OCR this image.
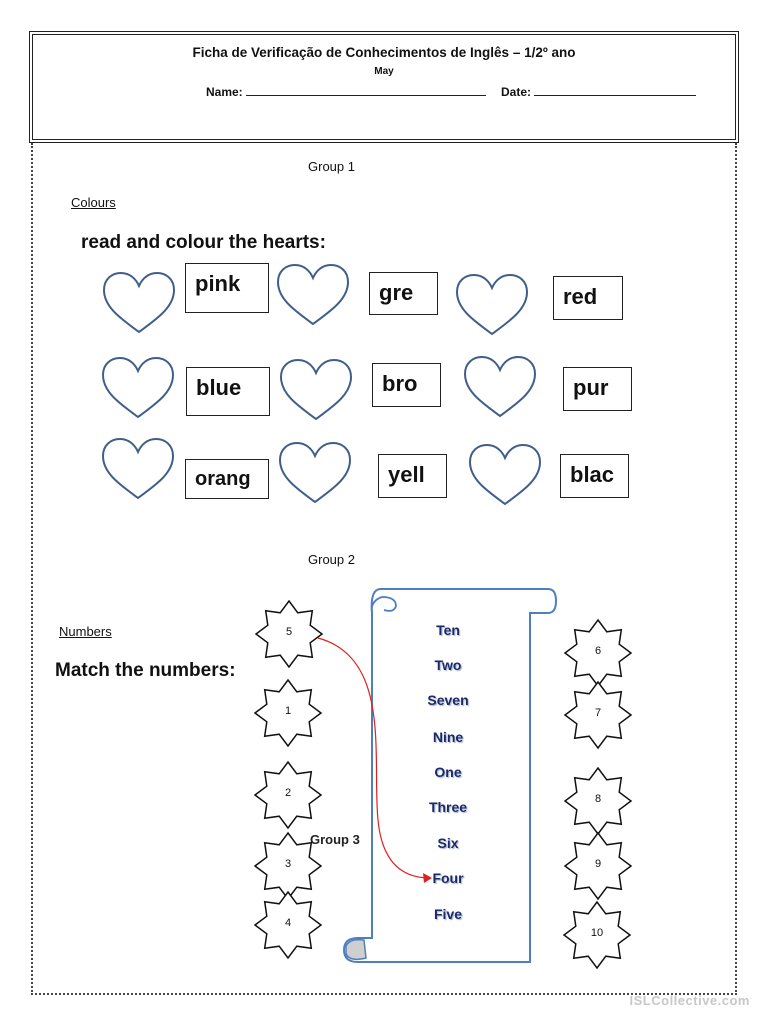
Ficha de Verificação de Conhecimentos de Inglês – 1/2º ano
May
Name:	Date:
Group 1
Colours
read and colour the hearts:
pink	gre	red
blue	bro	pur
orang	yell	blac
Group 2
Numbers
Match the numbers:
Ten
Two
Seven
Nine
One
Three
Six
Four
Five
Group 3
5
1
2
3
4
6
7
8
9
10
ISLCollective.com
